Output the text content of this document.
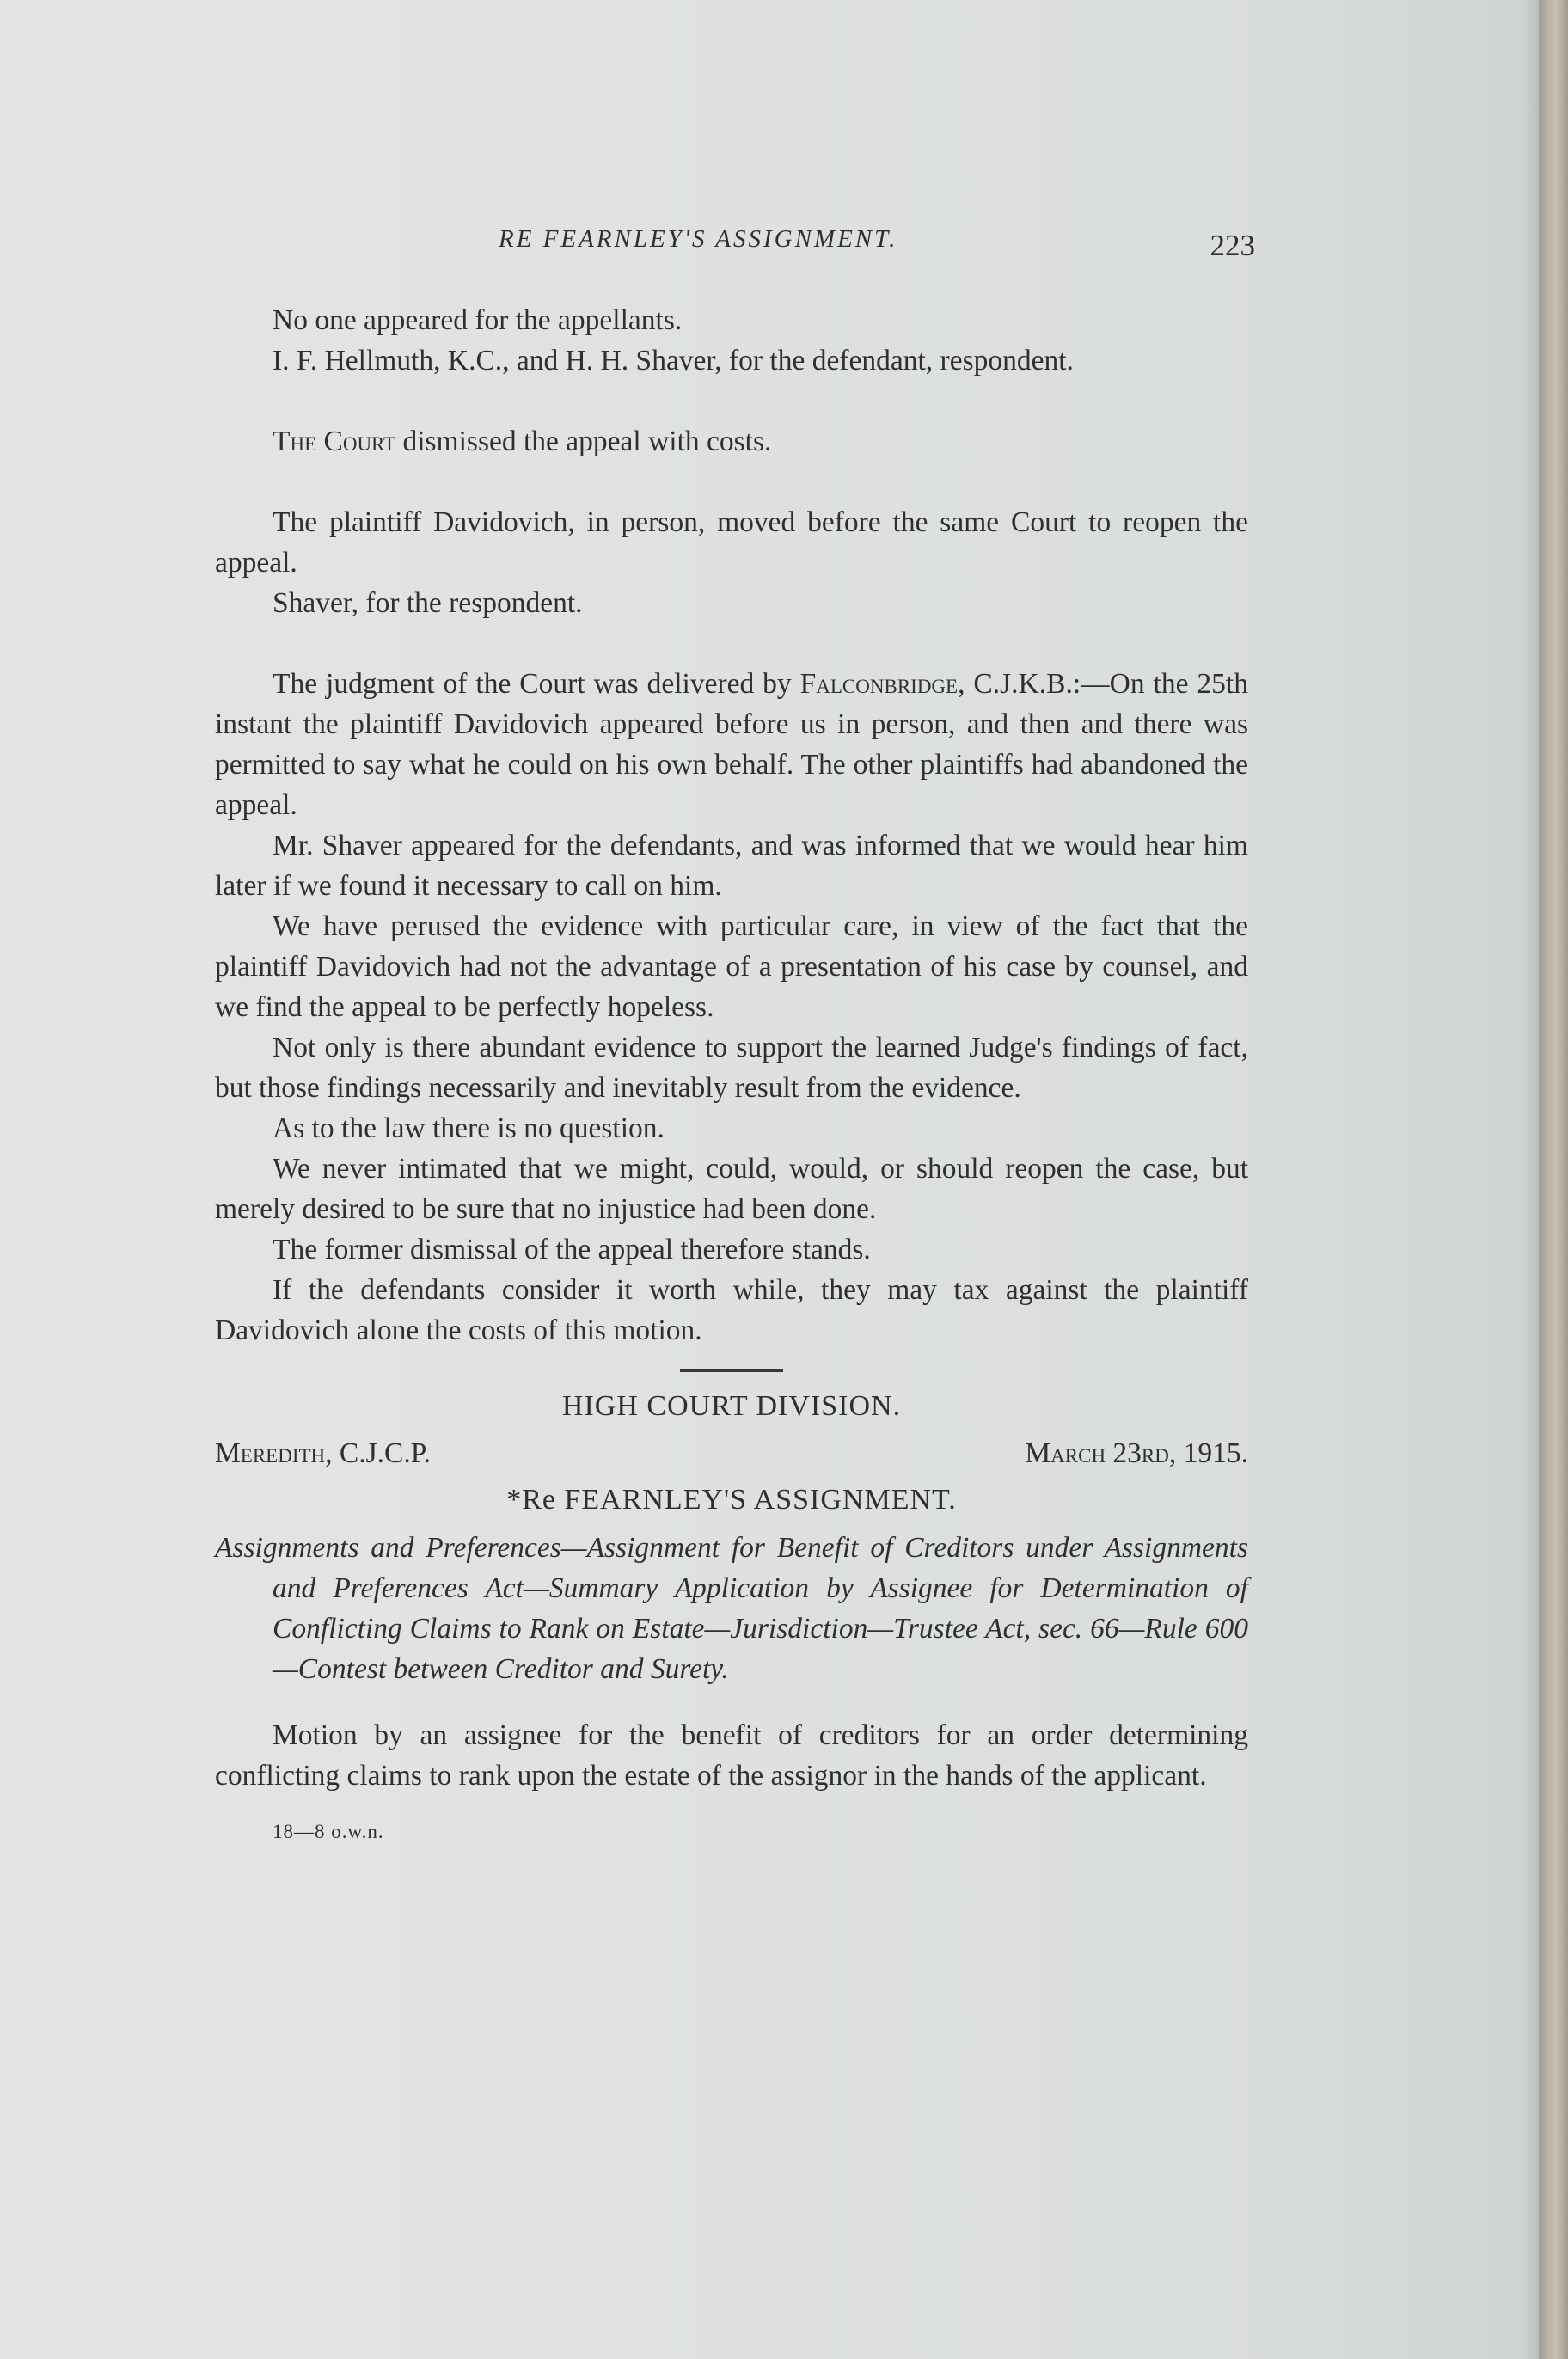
RE FEARNLEY'S ASSIGNMENT.	223

No one appeared for the appellants.

I. F. Hellmuth, K.C., and H. H. Shaver, for the defendant, respondent.

The Court dismissed the appeal with costs.

The plaintiff Davidovich, in person, moved before the same Court to reopen the appeal.

Shaver, for the respondent.

The judgment of the Court was delivered by Falconbridge, C.J.K.B.:—On the 25th instant the plaintiff Davidovich appeared before us in person, and then and there was permitted to say what he could on his own behalf. The other plaintiffs had abandoned the appeal.

Mr. Shaver appeared for the defendants, and was informed that we would hear him later if we found it necessary to call on him.

We have perused the evidence with particular care, in view of the fact that the plaintiff Davidovich had not the advantage of a presentation of his case by counsel, and we find the appeal to be perfectly hopeless.

Not only is there abundant evidence to support the learned Judge's findings of fact, but those findings necessarily and inevitably result from the evidence.

As to the law there is no question.

We never intimated that we might, could, would, or should reopen the case, but merely desired to be sure that no injustice had been done.

The former dismissal of the appeal therefore stands.

If the defendants consider it worth while, they may tax against the plaintiff Davidovich alone the costs of this motion.

HIGH COURT DIVISION.
Meredith, C.J.C.P.	March 23rd, 1915.
*Re FEARNLEY'S ASSIGNMENT.

Assignments and Preferences—Assignment for Benefit of Creditors under Assignments and Preferences Act—Summary Application by Assignee for Determination of Conflicting Claims to Rank on Estate—Jurisdiction—Trustee Act, sec. 66—Rule 600—Contest between Creditor and Surety.

Motion by an assignee for the benefit of creditors for an order determining conflicting claims to rank upon the estate of the assignor in the hands of the applicant.

18—8 o.w.n.
